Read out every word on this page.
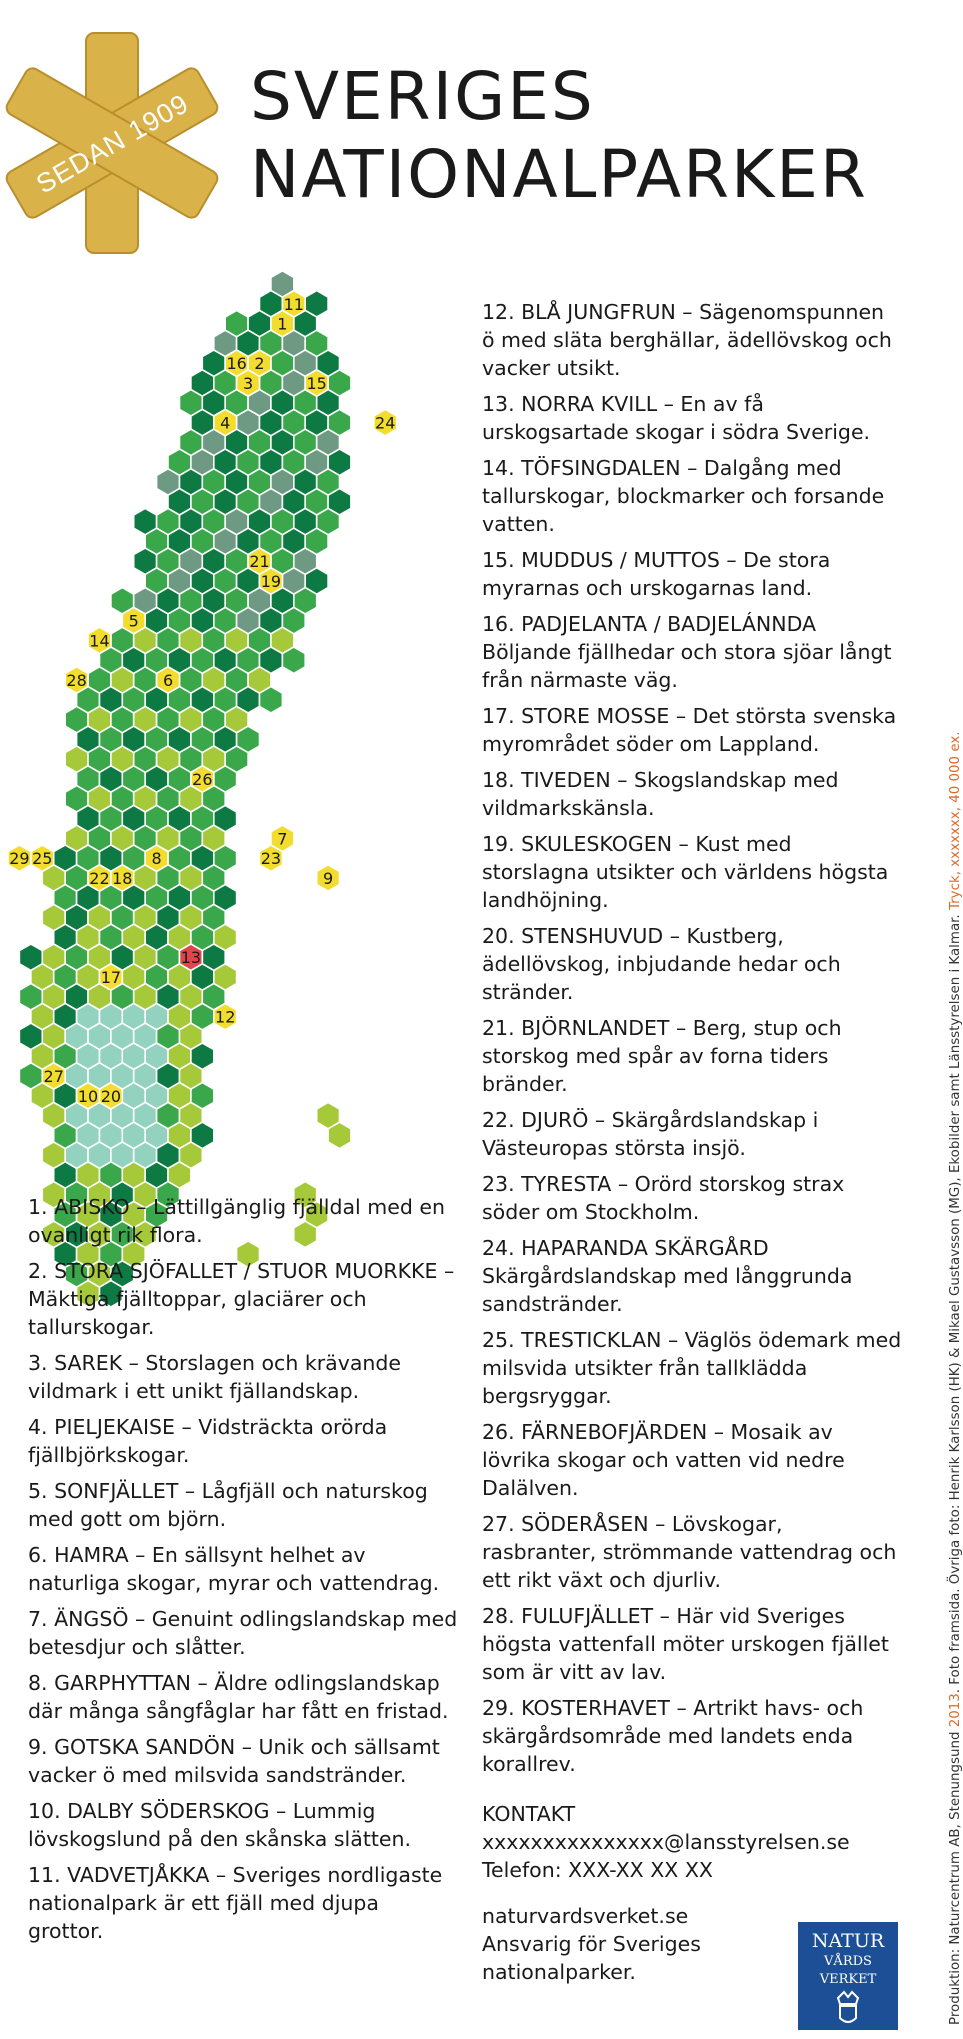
SEDAN 1909 SVERIGES
NATIONALPARKER
11
1
16 2
3	15
4	24
21
19
5
14
28	6
26
7
29 25	8	23
9
22 18
13
17
12
27
10 20

1. ABISKO – Lättillgänglig fjälldal med en ovanligt rik flora.

2. STORA SJÖFALLET / STUOR MUORKKE – Mäktiga fjälltoppar, glaciärer och tallurskogar.

3. SAREK – Storslagen och krävande vildmark i ett unikt fjällandskap.

4. PIELJEKAISE – Vidsträckta orörda fjällbjörkskogar.

5. SONFJÄLLET – Lågfjäll och naturskog med gott om björn.

6. HAMRA – En sällsynt helhet av naturliga skogar, myrar och vattendrag.

7. ÄNGSÖ – Genuint odlingslandskap med betesdjur och slåtter.

8. GARPHYTTAN – Äldre odlingslandskap där många sångfåglar har fått en fristad.

9. GOTSKA SANDÖN – Unik och sällsamt vacker ö med milsvida sandstränder.

10. DALBY SÖDERSKOG – Lummig lövskogslund på den skånska slätten.

11. VADVETJÅKKA – Sveriges nordligaste nationalpark är ett fjäll med djupa grottor.

12. BLÅ JUNGFRUN – Sägenomspunnen ö med släta berghällar, ädellövskog och vacker utsikt.

13. NORRA KVILL – En av få urskogsartade skogar i södra Sverige.

14. TÖFSINGDALEN – Dalgång med tallurskogar, blockmarker och forsande vatten.

15. MUDDUS / MUTTOS – De stora myrarnas och urskogarnas land.

16. PADJELANTA / BADJELÁNNDA Böljande fjällhedar och stora sjöar långt från närmaste väg.

17. STORE MOSSE – Det största svenska myrområdet söder om Lappland.

18. TIVEDEN – Skogslandskap med vildmarkskänsla.

19. SKULESKOGEN – Kust med storslagna utsikter och världens högsta landhöjning.

20. STENSHUVUD – Kustberg, ädellövskog, inbjudande hedar och stränder.

21. BJÖRNLANDET – Berg, stup och storskog med spår av forna tiders bränder.

22. DJURÖ – Skärgårdslandskap i Västeuropas största insjö.

23. TYRESTA – Orörd storskog strax söder om Stockholm.

24. HAPARANDA SKÄRGÅRD Skärgårdslandskap med långgrunda sandstränder.

25. TRESTICKLAN – Väglös ödemark med milsvida utsikter från tallklädda bergsryggar.

26. FÄRNEBOFJÄRDEN – Mosaik av lövrika skogar och vatten vid nedre Dalälven.

27. SÖDERÅSEN – Lövskogar, rasbranter, strömmande vattendrag och ett rikt växt och djurliv.

28. FULUFJÄLLET – Här vid Sveriges högsta vattenfall möter urskogen fjället som är vitt av lav.

29. KOSTERHAVET – Artrikt havs- och skärgårdsområde med landets enda korallrev.

KONTAKT

xxxxxxxxxxxxxxx@lansstyrelsen.se

Telefon: XXX-XX XX XX

naturvardsverket.se

Ansvarig för Sveriges

nationalparker.

NATUR
VÅRDS
VERKET	Produktion: Naturcentrum AB, Stenungsund 2013. Foto framsida. Övriga foto: Henrik Karlsson (HK) & Mikael Gustavsson (MG), Ekobilder samt Länsstyrelsen i Kalmar. Tryck, xxxxxxx, 40 000 ex.
